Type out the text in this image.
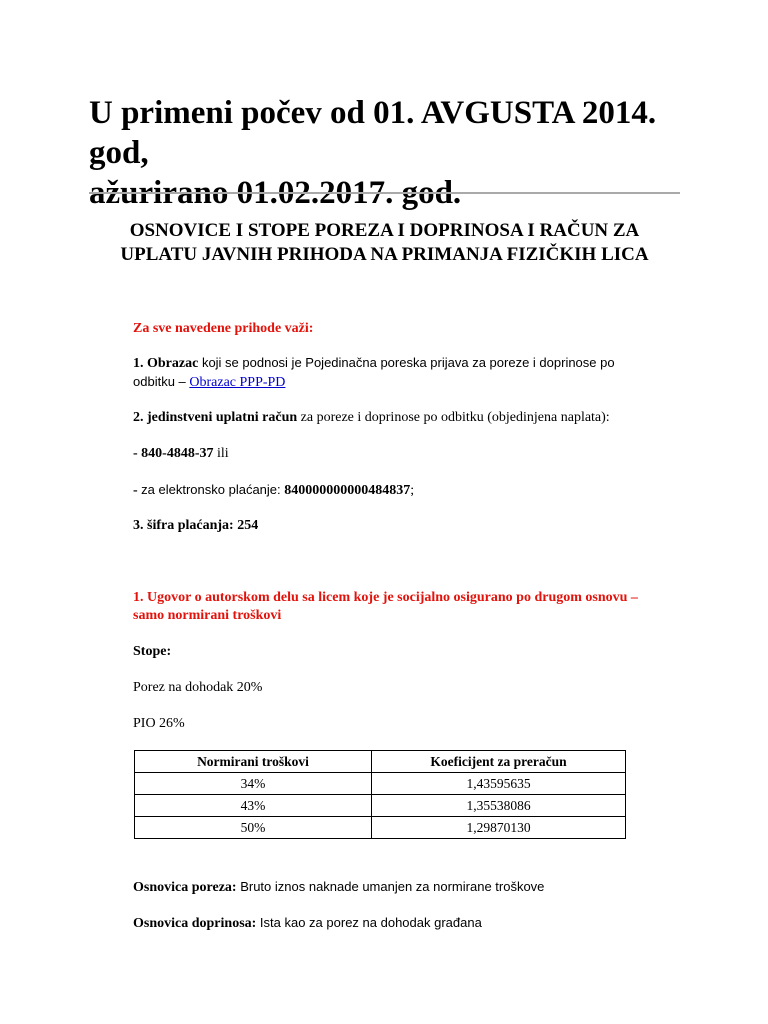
U primeni počev od 01. AVGUSTA 2014. god,
ažurirano 01.02.2017. god.
OSNOVICE I STOPE POREZA I DOPRINOSA I RAČUN ZA
UPLATU JAVNIH PRIHODA NA PRIMANJA FIZIČKIH LICA

Za sve navedene prihode važi:

1. Obrazac koji se podnosi je Pojedinačna poreska prijava za poreze i doprinose po
odbitku – Obrazac PPP-PD

2. jedinstveni uplatni račun za poreze i doprinose po odbitku (objedinjena naplata):

- 840-4848-37 ili

- za elektronsko plaćanje: 840000000000484837;

3. šifra plaćanja: 254

1. Ugovor o autorskom delu sa licem koje je socijalno osigurano po drugom osnovu –
samo normirani troškovi

Stope:

Porez na dohodak 20%

PIO 26%

Normirani troškovi	Koeficijent za preračun
34%	1,43595635
43%	1,35538086
50%	1,29870130

Osnovica poreza: Bruto iznos naknade umanjen za normirane troškove

Osnovica doprinosa: Ista kao za porez na dohodak građana
